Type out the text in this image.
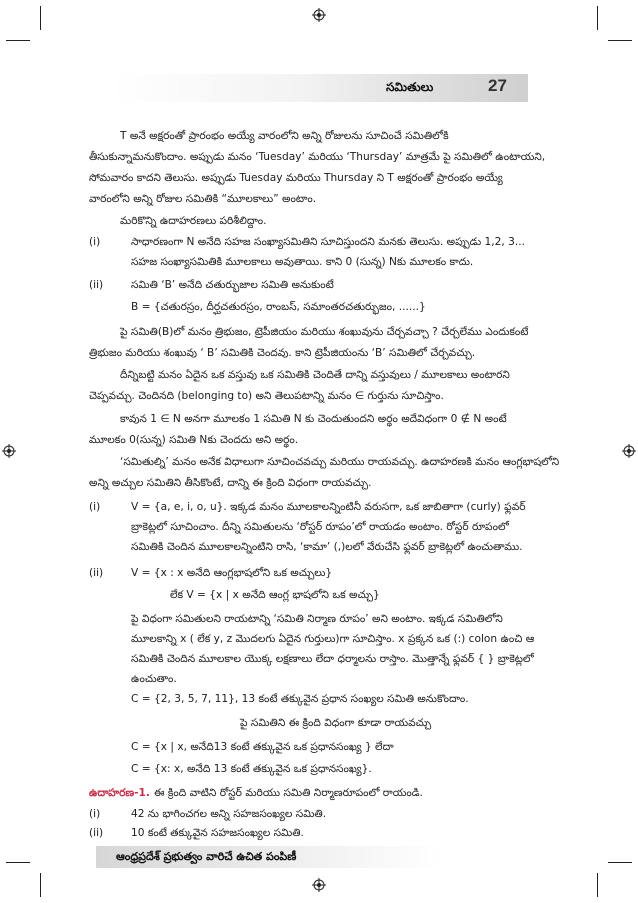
సమితులు	27
T అనే అక్షరంతో ప్రారంభం అయ్యే వారంలోని అన్ని రోజులను సూచించే సమితిలోకి
తీసుకున్నామనుకొందాం. అప్పుడు మనం ‘Tuesday’ మరియు ‘Thursday’ మాత్రమే పై సమితిలో ఉంటాయని,
సోమవారం కాదని తెలుసు. అప్పుడు Tuesday మరియు Thursday ని T అక్షరంతో ప్రారంభం అయ్యే
వారంలోని అన్ని రోజుల సమితికి “మూలకాలు” అంటాం.
మరికొన్ని ఉదాహరణలు పరిశీలిద్దాం.
(i)	సాధారణంగా N అనేది సహజ సంఖ్యాసమితిని సూచిస్తుందని మనకు తెలుసు. అప్పుడు 1,2, 3...
సహజ సంఖ్యాసమితికి మూలకాలు అవుతాయి. కాని 0 (సున్న) Nకు మూలకం కాదు.
(ii)	సమితి ‘B’ అనేది చతుర్భుజాల సమితి అనుకుంటే
B = {చతురస్రం, దీర్ఘచతురస్రం, రాంబస్, సమాంతరచతుర్భుజం, ......}
పై సమితి(B)లో మనం త్రిభుజం, ట్రెపీజియం మరియు శంఖువును చేర్చవచ్చా ? చేర్చలేము ఎందుకంటే
త్రిభుజం మరియు శంఖువు ‘ B’ సమితికి చెందవు. కాని ట్రెపీజియంను ‘B’ సమితిలో చేర్చవచ్చు.
దీన్నిబట్టి మనం ఏదైన ఒక వస్తువు ఒక సమితికి చెందితే దాన్ని వస్తువులు / మూలకాలు అంటారని
చెప్పవచ్చు. చెందినది (belonging to) అని తెలుపటాన్ని మనం ∈ గుర్తును సూచిస్తాం.
కావున 1 ∈ N అనగా మూలకం 1 సమితి N కు చెందుతుందని అర్థం అదేవిధంగా 0 ∉ N అంటే
మూలకం 0(సున్న) సమితి Nకు చెందదు అని అర్థం.
‘సమితుల్ని’ మనం అనేక విధాలుగా సూచించవచ్చు మరియు రాయవచ్చు. ఉదాహరణకి మనం ఆంగ్లభాషలోని
అన్ని అచ్చుల సమితిని తీసికొంటే, దాన్ని ఈ క్రింది విధంగా రాయవచ్చు.
(i)	V = {a, e, i, o, u}. ఇక్కడ మనం మూలకాలన్నింటినీ వరుసగా, ఒక జాబితాగా (curly) ఫ్లవర్
బ్రాకెట్లలో సూచించాం. దీన్ని సమితులను ‘రోస్టర్ రూపం’లో రాయడం అంటాం. రోస్టర్ రూపంలో
సమితికి చెందిన మూలకాలన్నింటిని రాసి, ‘కామా’ (,)లలో వేరుచేసి ఫ్లవర్ బ్రాకెట్లలో ఉంచుతాము.
(ii)	V = {x : x అనేది ఆంగ్లభాషలోని ఒక అచ్చులు}
లేక V = {x | x అనేది ఆంగ్ల భాషలోని ఒక అచ్చు}
పై విధంగా సమితులని రాయటాన్ని ‘సమితి నిర్మాణ రూపం’ అని అంటాం. ఇక్కడ సమితిలోని
మూలకాన్ని x ( లేక y, z మొదలగు ఏదైన గుర్తులు)గా సూచిస్తాం. x ప్రక్కన ఒక (:) colon ఉంచి ఆ
సమితికి చెందిన మూలకాల యొక్క లక్షణాలు లేదా ధర్మాలను రాస్తాం. మొత్తాన్నే ఫ్లవర్ { } బ్రాకెట్లలో
ఉంచుతాం.
C = {2, 3, 5, 7, 11}, 13 కంటే తక్కువైన ప్రధాన సంఖ్యల సమితి అనుకొందాం.
పై సమితిని ఈ క్రింది విధంగా కూడా రాయవచ్చు
C = {x | x, అనేది13 కంటే తక్కువైన ఒక ప్రధానసంఖ్య } లేదా
C = {x: x, అనేది 13 కంటే తక్కువైన ఒక ప్రధానసంఖ్య}.
ఉదాహరణ-1. ఈ క్రింది వాటిని రోస్టర్ మరియు సమితి నిర్మాణరూపంలో రాయండి.
(i)	42 ను భాగించగల అన్ని సహజసంఖ్యల సమితి.
(ii)	10 కంటే తక్కువైన సహజసంఖ్యల సమితి.
ఆంధ్రప్రదేశ్ ప్రభుత్వం వారిచే ఉచిత పంపిణీ
